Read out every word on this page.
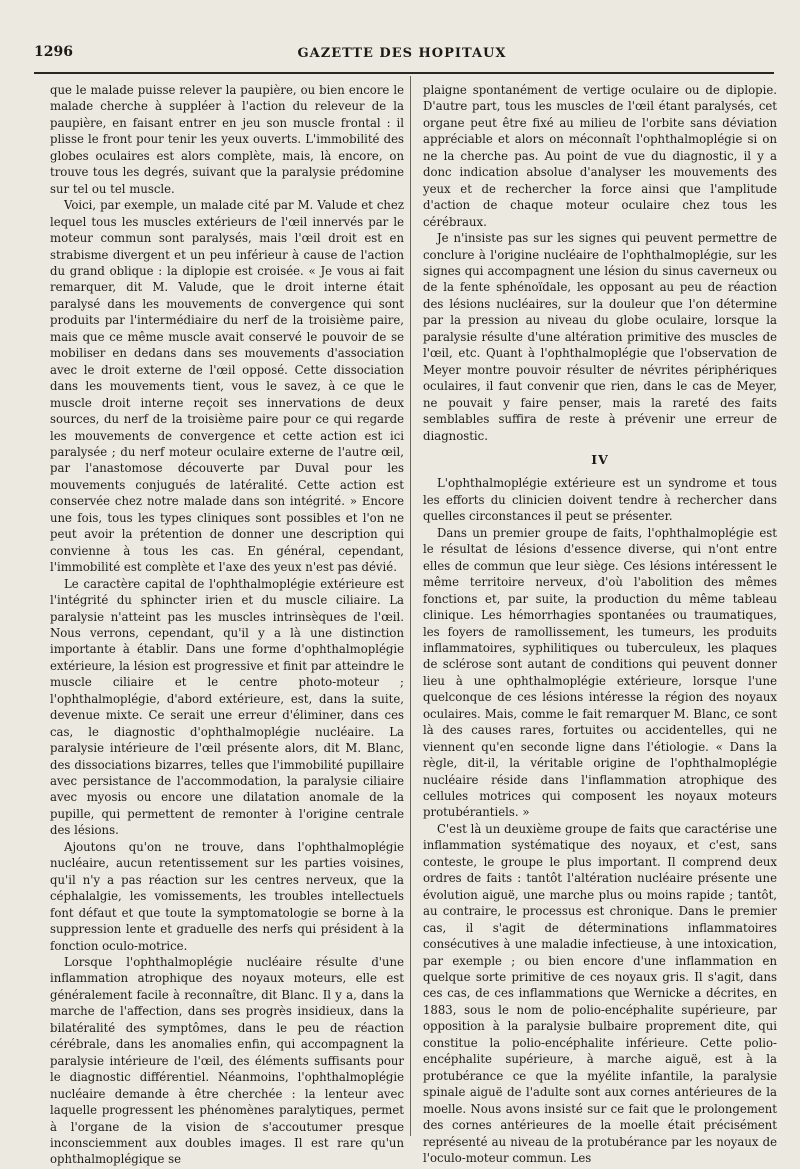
1296	GAZETTE DES HOPITAUX

que le malade puisse relever la paupière, ou bien encore le malade cherche à suppléer à l'action du releveur de la paupière, en faisant entrer en jeu son muscle frontal : il plisse le front pour tenir les yeux ouverts. L'immobilité des globes oculaires est alors complète, mais, là encore, on trouve tous les degrés, suivant que la paralysie prédomine sur tel ou tel muscle.

Voici, par exemple, un malade cité par M. Valude et chez lequel tous les muscles extérieurs de l'œil innervés par le moteur commun sont paralysés, mais l'œil droit est en strabisme divergent et un peu inférieur à cause de l'action du grand oblique : la diplopie est croisée. « Je vous ai fait remarquer, dit M. Valude, que le droit interne était paralysé dans les mouvements de convergence qui sont produits par l'intermédiaire du nerf de la troisième paire, mais que ce même muscle avait conservé le pouvoir de se mobiliser en dedans dans ses mouvements d'association avec le droit externe de l'œil opposé. Cette dissociation dans les mouvements tient, vous le savez, à ce que le muscle droit interne reçoit ses innervations de deux sources, du nerf de la troisième paire pour ce qui regarde les mouvements de convergence et cette action est ici paralysée ; du nerf moteur oculaire externe de l'autre œil, par l'anastomose découverte par Duval pour les mouvements conjugués de latéralité. Cette action est conservée chez notre malade dans son intégrité. » Encore une fois, tous les types cliniques sont possibles et l'on ne peut avoir la prétention de donner une description qui convienne à tous les cas. En général, cependant, l'immobilité est complète et l'axe des yeux n'est pas dévié.

Le caractère capital de l'ophthalmoplégie extérieure est l'intégrité du sphincter irien et du muscle ciliaire. La paralysie n'atteint pas les muscles intrinsèques de l'œil. Nous verrons, cependant, qu'il y a là une distinction importante à établir. Dans une forme d'ophthalmoplégie extérieure, la lésion est progressive et finit par atteindre le muscle ciliaire et le centre photo-moteur ; l'ophthalmoplégie, d'abord extérieure, est, dans la suite, devenue mixte. Ce serait une erreur d'éliminer, dans ces cas, le diagnostic d'ophthalmoplégie nucléaire. La paralysie intérieure de l'œil présente alors, dit M. Blanc, des dissociations bizarres, telles que l'immobilité pupillaire avec persistance de l'accommodation, la paralysie ciliaire avec myosis ou encore une dilatation anomale de la pupille, qui permettent de remonter à l'origine centrale des lésions.

Ajoutons qu'on ne trouve, dans l'ophthalmoplégie nucléaire, aucun retentissement sur les parties voisines, qu'il n'y a pas réaction sur les centres nerveux, que la céphalalgie, les vomissements, les troubles intellectuels font défaut et que toute la symptomatologie se borne à la suppression lente et graduelle des nerfs qui président à la fonction oculo-motrice.

Lorsque l'ophthalmoplégie nucléaire résulte d'une inflammation atrophique des noyaux moteurs, elle est généralement facile à reconnaître, dit Blanc. Il y a, dans la marche de l'affection, dans ses progrès insidieux, dans la bilatéralité des symptômes, dans le peu de réaction cérébrale, dans les anomalies enfin, qui accompagnent la paralysie intérieure de l'œil, des éléments suffisants pour le diagnostic différentiel. Néanmoins, l'ophthalmoplégie nucléaire demande à être cherchée : la lenteur avec laquelle progressent les phénomènes paralytiques, permet à l'organe de la vision de s'accoutumer presque inconsciemment aux doubles images. Il est rare qu'un ophthalmoplégique se

plaigne spontanément de vertige oculaire ou de diplopie. D'autre part, tous les muscles de l'œil étant paralysés, cet organe peut être fixé au milieu de l'orbite sans déviation appréciable et alors on méconnaît l'ophthalmoplégie si on ne la cherche pas. Au point de vue du diagnostic, il y a donc indication absolue d'analyser les mouvements des yeux et de rechercher la force ainsi que l'amplitude d'action de chaque moteur oculaire chez tous les cérébraux.

Je n'insiste pas sur les signes qui peuvent permettre de conclure à l'origine nucléaire de l'ophthalmoplégie, sur les signes qui accompagnent une lésion du sinus caverneux ou de la fente sphénoïdale, les opposant au peu de réaction des lésions nucléaires, sur la douleur que l'on détermine par la pression au niveau du globe oculaire, lorsque la paralysie résulte d'une altération primitive des muscles de l'œil, etc. Quant à l'ophthalmoplégie que l'observation de Meyer montre pouvoir résulter de névrites périphériques oculaires, il faut convenir que rien, dans le cas de Meyer, ne pouvait y faire penser, mais la rareté des faits semblables suffira de reste à prévenir une erreur de diagnostic.

IV

L'ophthalmoplégie extérieure est un syndrome et tous les efforts du clinicien doivent tendre à rechercher dans quelles circonstances il peut se présenter.

Dans un premier groupe de faits, l'ophthalmoplégie est le résultat de lésions d'essence diverse, qui n'ont entre elles de commun que leur siège. Ces lésions intéressent le même territoire nerveux, d'où l'abolition des mêmes fonctions et, par suite, la production du même tableau clinique. Les hémorrhagies spontanées ou traumatiques, les foyers de ramollissement, les tumeurs, les produits inflammatoires, syphilitiques ou tuberculeux, les plaques de sclérose sont autant de conditions qui peuvent donner lieu à une ophthalmoplégie extérieure, lorsque l'une quelconque de ces lésions intéresse la région des noyaux oculaires. Mais, comme le fait remarquer M. Blanc, ce sont là des causes rares, fortuites ou accidentelles, qui ne viennent qu'en seconde ligne dans l'étiologie. « Dans la règle, dit-il, la véritable origine de l'ophthalmoplégie nucléaire réside dans l'inflammation atrophique des cellules motrices qui composent les noyaux moteurs protubérantiels. »

C'est là un deuxième groupe de faits que caractérise une inflammation systématique des noyaux, et c'est, sans conteste, le groupe le plus important. Il comprend deux ordres de faits : tantôt l'altération nucléaire présente une évolution aiguë, une marche plus ou moins rapide ; tantôt, au contraire, le processus est chronique. Dans le premier cas, il s'agit de déterminations inflammatoires consécutives à une maladie infectieuse, à une intoxication, par exemple ; ou bien encore d'une inflammation en quelque sorte primitive de ces noyaux gris. Il s'agit, dans ces cas, de ces inflammations que Wernicke a décrites, en 1883, sous le nom de polio-encéphalite supérieure, par opposition à la paralysie bulbaire proprement dite, qui constitue la polio-encéphalite inférieure. Cette polio-encéphalite supérieure, à marche aiguë, est à la protubérance ce que la myélite infantile, la paralysie spinale aiguë de l'adulte sont aux cornes antérieures de la moelle. Nous avons insisté sur ce fait que le prolongement des cornes antérieures de la moelle était précisément représenté au niveau de la protubérance par les noyaux de l'oculo-moteur commun. Les
